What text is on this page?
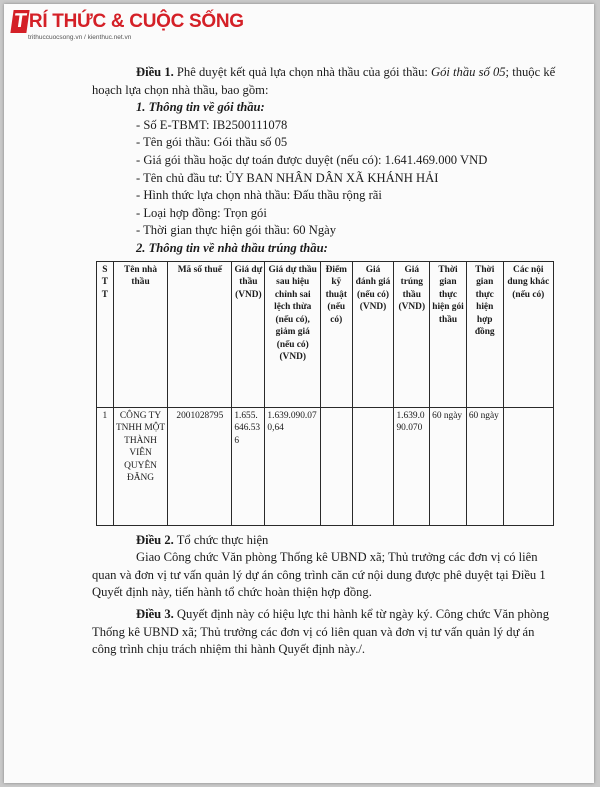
T RÍ THỨC & CUỘC SỐNG
trithuccuocsong.vn / kienthuc.net.vn

Điều 1. Phê duyệt kết quả lựa chọn nhà thầu của gói thầu: Gói thầu số 05; thuộc kế hoạch lựa chọn nhà thầu, bao gồm:

1. Thông tin về gói thầu:

- Số E-TBMT: IB2500111078

- Tên gói thầu: Gói thầu số 05

- Giá gói thầu hoặc dự toán được duyệt (nếu có): 1.641.469.000 VND

- Tên chủ đầu tư: ỦY BAN NHÂN DÂN XÃ KHÁNH HẢI

- Hình thức lựa chọn nhà thầu: Đấu thầu rộng rãi

- Loại hợp đồng: Trọn gói

- Thời gian thực hiện gói thầu: 60 Ngày

2. Thông tin về nhà thầu trúng thầu:

S T T	Tên nhà thầu	Mã số thuế	Giá dự thầu (VND)	Giá dự thầu sau hiệu chỉnh sai lệch thừa (nếu có), giảm giá (nếu có) (VND)	Điểm kỹ thuật (nếu có)	Giá đánh giá (nếu có) (VND)	Giá trúng thầu (VND)	Thời gian thực hiện gói thầu	Thời gian thực hiện hợp đồng	Các nội dung khác (nếu có)
1	CÔNG TY TNHH MỘT THÀNH VIÊN QUYÊN ĐĂNG	2001028795	1.655.646.536	1.639.090.070,64			1.639.090.070	60 ngày	60 ngày	

Điều 2. Tổ chức thực hiện

Giao Công chức Văn phòng Thống kê UBND xã; Thủ trưởng các đơn vị có liên quan và đơn vị tư vấn quản lý dự án công trình căn cứ nội dung được phê duyệt tại Điều 1 Quyết định này, tiến hành tổ chức hoàn thiện hợp đồng.

Điều 3. Quyết định này có hiệu lực thi hành kể từ ngày ký. Công chức Văn phòng Thống kê UBND xã; Thủ trưởng các đơn vị có liên quan và đơn vị tư vấn quản lý dự án công trình chịu trách nhiệm thi hành Quyết định này./.
